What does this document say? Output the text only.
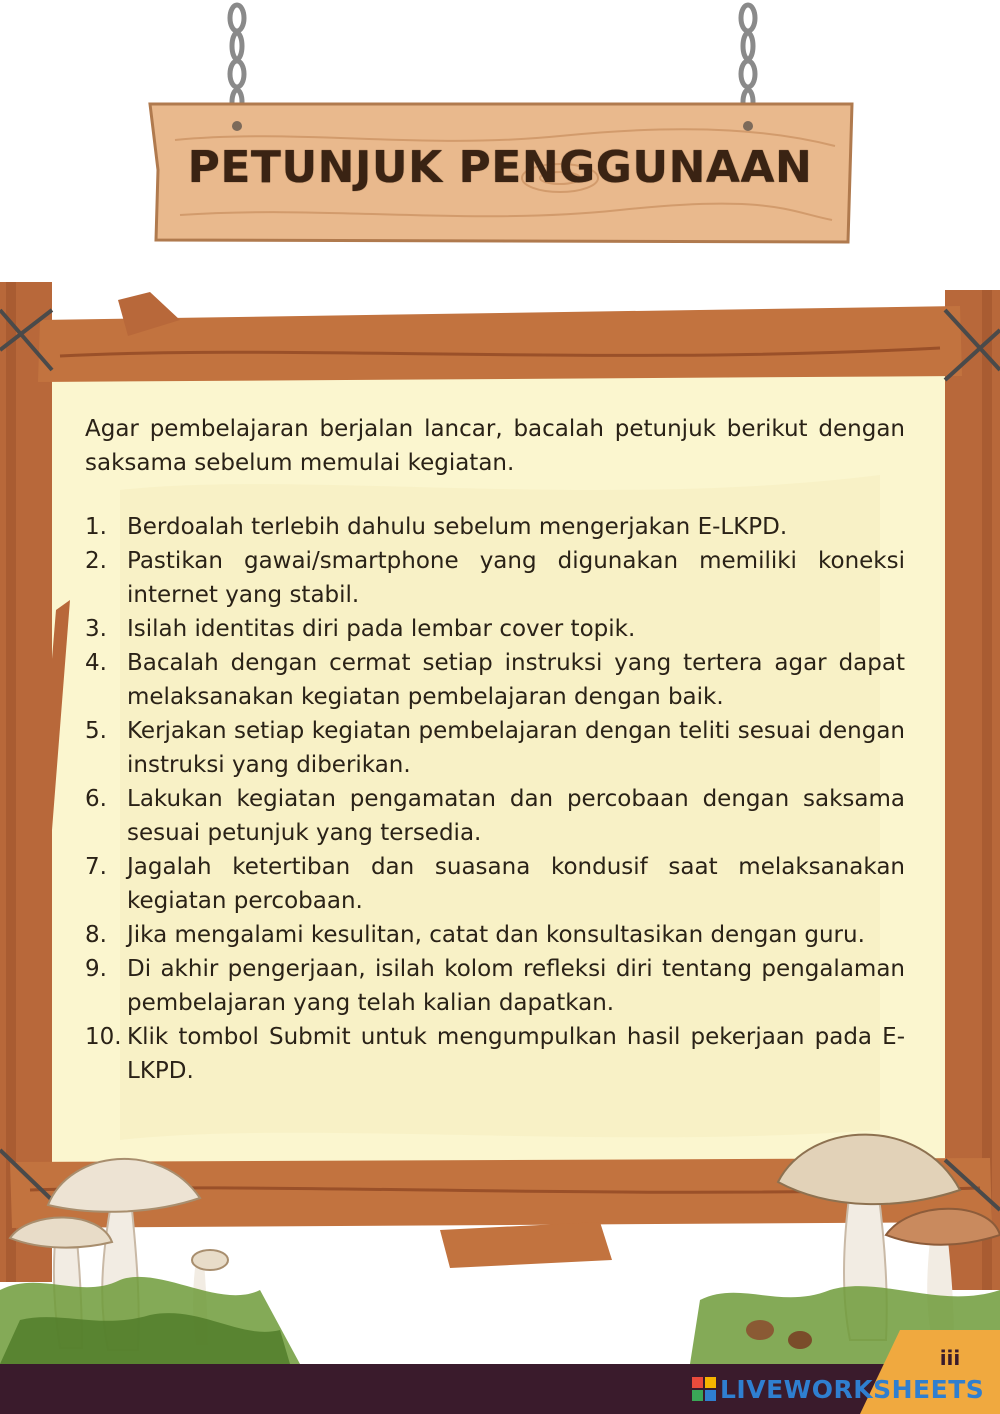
PETUNJUK PENGGUNAAN

Agar pembelajaran berjalan lancar, bacalah petunjuk berikut dengan saksama sebelum memulai kegiatan.

1. Berdoalah terlebih dahulu sebelum mengerjakan E-LKPD.
2. Pastikan gawai/smartphone yang digunakan memiliki koneksi internet yang stabil.
3. Isilah identitas diri pada lembar cover topik.
4. Bacalah dengan cermat setiap instruksi yang tertera agar dapat melaksanakan kegiatan pembelajaran dengan baik.
5. Kerjakan setiap kegiatan pembelajaran dengan teliti sesuai dengan instruksi yang diberikan.
6. Lakukan kegiatan pengamatan dan percobaan dengan saksama sesuai petunjuk yang tersedia.
7. Jagalah ketertiban dan suasana kondusif saat melaksanakan kegiatan percobaan.
8. Jika mengalami kesulitan, catat dan konsultasikan dengan guru.
9. Di akhir pengerjaan, isilah kolom refleksi diri tentang pengalaman pembelajaran yang telah kalian dapatkan.
10. Klik tombol Submit untuk mengumpulkan hasil pekerjaan pada E-LKPD.
iii
LIVEWORKSHEETS
